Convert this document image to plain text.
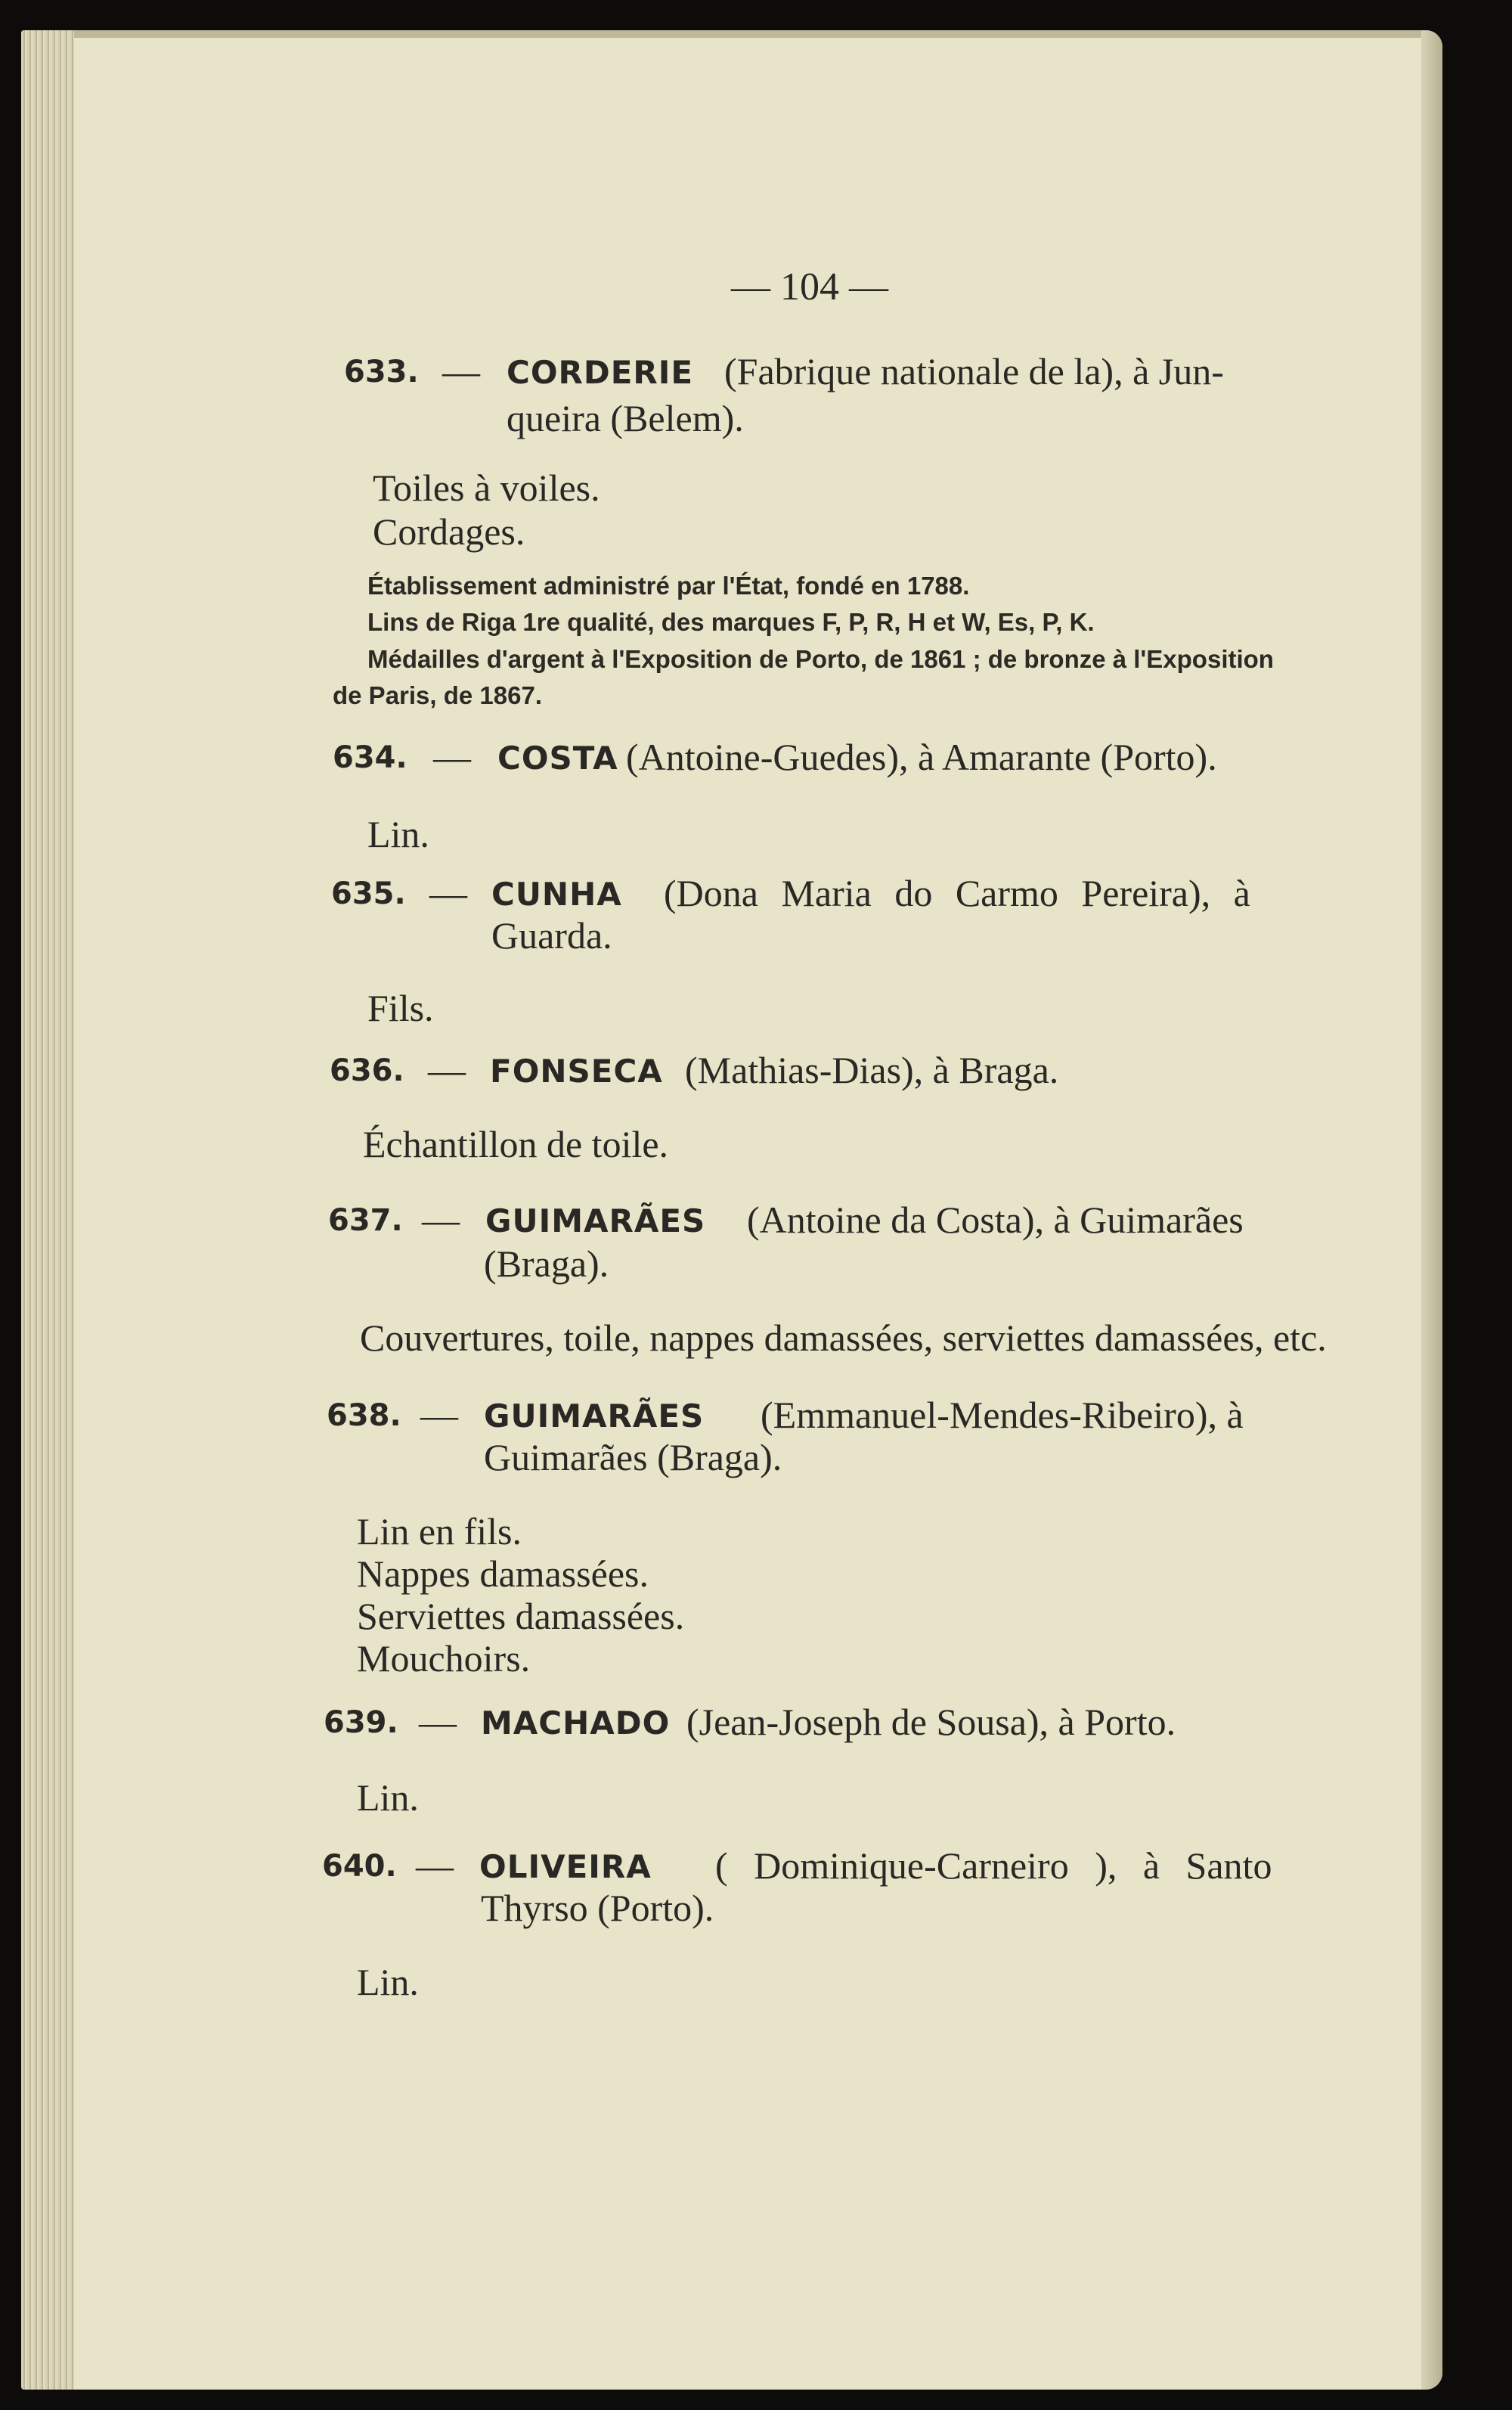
— 104 —
633. — CORDERIE (Fabrique nationale de la), à Jun-
queira (Belem).
Toiles à voiles.
Cordages.
Établissement administré par l'État, fondé en 1788.
Lins de Riga 1re qualité, des marques F, P, R, H et W, Es, P, K.
Médailles d'argent à l'Exposition de Porto, de 1861 ; de bronze à l'Exposition
de Paris, de 1867.
634. — COSTA (Antoine-Guedes), à Amarante (Porto).
Lin.
635. — CUNHA (Dona Maria do Carmo Pereira), à
Guarda.
Fils.
636. — FONSECA (Mathias-Dias), à Braga.
Échantillon de toile.
637. — GUIMARÃES (Antoine da Costa), à Guimarães
(Braga).
Couvertures, toile, nappes damassées, serviettes damassées, etc.
638. — GUIMARÃES (Emmanuel-Mendes-Ribeiro), à
Guimarães (Braga).
Lin en fils.
Nappes damassées.
Serviettes damassées.
Mouchoirs.
639. — MACHADO (Jean-Joseph de Sousa), à Porto.
Lin.
640. — OLIVEIRA ( Dominique-Carneiro ), à Santo
Thyrso (Porto).
Lin.
